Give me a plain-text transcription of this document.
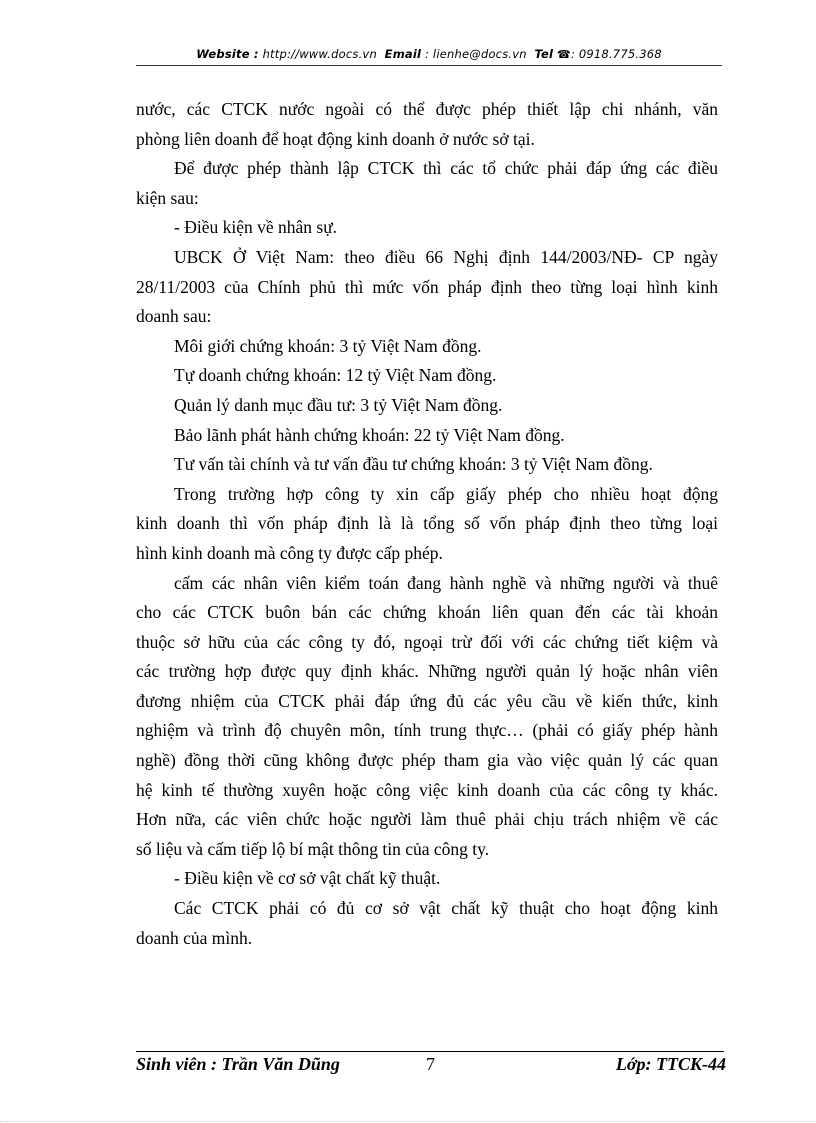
Website : http://www.docs.vn Email : lienhe@docs.vn Tel ☎: 0918.775.368
nước, các CTCK nước ngoài có thể được phép thiết lập chi nhánh, văn
phòng liên doanh để hoạt động kinh doanh ở nước sở tại.
Để được phép thành lập CTCK thì các tổ chức phải đáp ứng các điều
kiện sau:
- Điều kiện về nhân sự.
UBCK Ở Việt Nam: theo điều 66 Nghị định 144/2003/NĐ- CP ngày
28/11/2003 của Chính phủ thì mức vốn pháp định theo từng loại hình kinh
doanh sau:
Môi giới chứng khoán: 3 tỷ Việt Nam đồng.
Tự doanh chứng khoán: 12 tỷ Việt Nam đồng.
Quản lý danh mục đầu tư: 3 tỷ Việt Nam đồng.
Bảo lãnh phát hành chứng khoán: 22 tỷ Việt Nam đồng.
Tư vấn tài chính và tư vấn đầu tư chứng khoán: 3 tỷ Việt Nam đồng.
Trong trường hợp công ty xin cấp giấy phép cho nhiều hoạt động
kinh doanh thì vốn pháp định là là tổng số vốn pháp định theo từng loại
hình kinh doanh mà công ty được cấp phép.
cấm các nhân viên kiểm toán đang hành nghề và những người và thuê
cho các CTCK buôn bán các chứng khoán liên quan đến các tài khoản
thuộc sở hữu của các công ty đó, ngoại trừ đối với các chứng tiết kiệm và
các trường hợp được quy định khác. Những người quản lý hoặc nhân viên
đương nhiệm của CTCK phải đáp ứng đủ các yêu cầu về kiến thức, kinh
nghiệm và trình độ chuyên môn, tính trung thực… (phải có giấy phép hành
nghề) đồng thời cũng không được phép tham gia vào việc quản lý các quan
hệ kinh tế thường xuyên hoặc công việc kinh doanh của các công ty khác.
Hơn nữa, các viên chức hoặc người làm thuê phải chịu trách nhiệm về các
số liệu và cấm tiếp lộ bí mật thông tin của công ty.
- Điều kiện về cơ sở vật chất kỹ thuật.
Các CTCK phải có đủ cơ sở vật chất kỹ thuật cho hoạt động kinh
doanh của mình.
Sinh viên : Trần Văn Dũng	7	Lớp: TTCK-44
